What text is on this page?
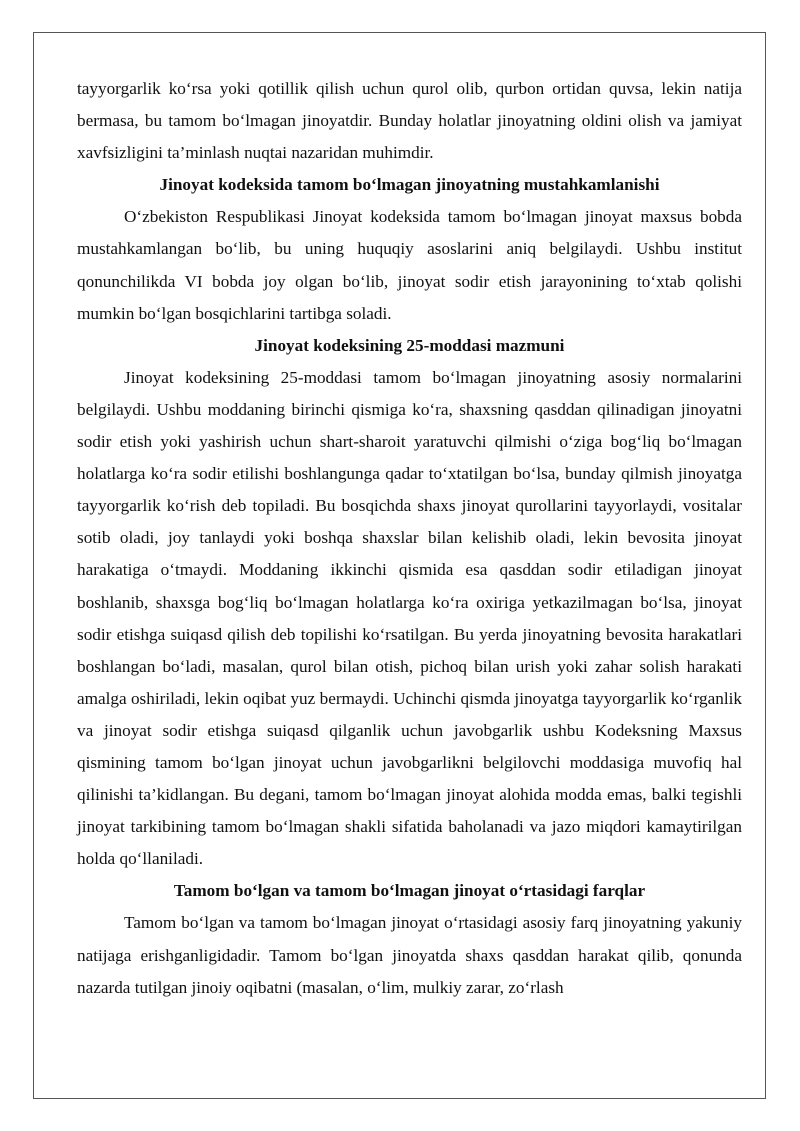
tayyorgarlik ko‘rsa yoki qotillik qilish uchun qurol olib, qurbon ortidan quvsa, lekin natija bermasa, bu tamom bo‘lmagan jinoyatdir. Bunday holatlar jinoyatning oldini olish va jamiyat xavfsizligini ta’minlash nuqtai nazaridan muhimdir.

Jinoyat kodeksida tamom bo‘lmagan jinoyatning mustahkamlanishi

O‘zbekiston Respublikasi Jinoyat kodeksida tamom bo‘lmagan jinoyat maxsus bobda mustahkamlangan bo‘lib, bu uning huquqiy asoslarini aniq belgilaydi. Ushbu institut qonunchilikda VI bobda joy olgan bo‘lib, jinoyat sodir etish jarayonining to‘xtab qolishi mumkin bo‘lgan bosqichlarini tartibga soladi.

Jinoyat kodeksining 25-moddasi mazmuni

Jinoyat kodeksining 25-moddasi tamom bo‘lmagan jinoyatning asosiy normalarini belgilaydi. Ushbu moddaning birinchi qismiga ko‘ra, shaxsning qasddan qilinadigan jinoyatni sodir etish yoki yashirish uchun shart-sharoit yaratuvchi qilmishi o‘ziga bog‘liq bo‘lmagan holatlarga ko‘ra sodir etilishi boshlangunga qadar to‘xtatilgan bo‘lsa, bunday qilmish jinoyatga tayyorgarlik ko‘rish deb topiladi. Bu bosqichda shaxs jinoyat qurollarini tayyorlaydi, vositalar sotib oladi, joy tanlaydi yoki boshqa shaxslar bilan kelishib oladi, lekin bevosita jinoyat harakatiga o‘tmaydi. Moddaning ikkinchi qismida esa qasddan sodir etiladigan jinoyat boshlanib, shaxsga bog‘liq bo‘lmagan holatlarga ko‘ra oxiriga yetkazilmagan bo‘lsa, jinoyat sodir etishga suiqasd qilish deb topilishi ko‘rsatilgan. Bu yerda jinoyatning bevosita harakatlari boshlangan bo‘ladi, masalan, qurol bilan otish, pichoq bilan urish yoki zahar solish harakati amalga oshiriladi, lekin oqibat yuz bermaydi. Uchinchi qismda jinoyatga tayyorgarlik ko‘rganlik va jinoyat sodir etishga suiqasd qilganlik uchun javobgarlik ushbu Kodeksning Maxsus qismining tamom bo‘lgan jinoyat uchun javobgarlikni belgilovchi moddasiga muvofiq hal qilinishi ta’kidlangan. Bu degani, tamom bo‘lmagan jinoyat alohida modda emas, balki tegishli jinoyat tarkibining tamom bo‘lmagan shakli sifatida baholanadi va jazo miqdori kamaytirilgan holda qo‘llaniladi.

Tamom bo‘lgan va tamom bo‘lmagan jinoyat o‘rtasidagi farqlar

Tamom bo‘lgan va tamom bo‘lmagan jinoyat o‘rtasidagi asosiy farq jinoyatning yakuniy natijaga erishganligidadir. Tamom bo‘lgan jinoyatda shaxs qasddan harakat qilib, qonunda nazarda tutilgan jinoiy oqibatni (masalan, o‘lim, mulkiy zarar, zo‘rlash
